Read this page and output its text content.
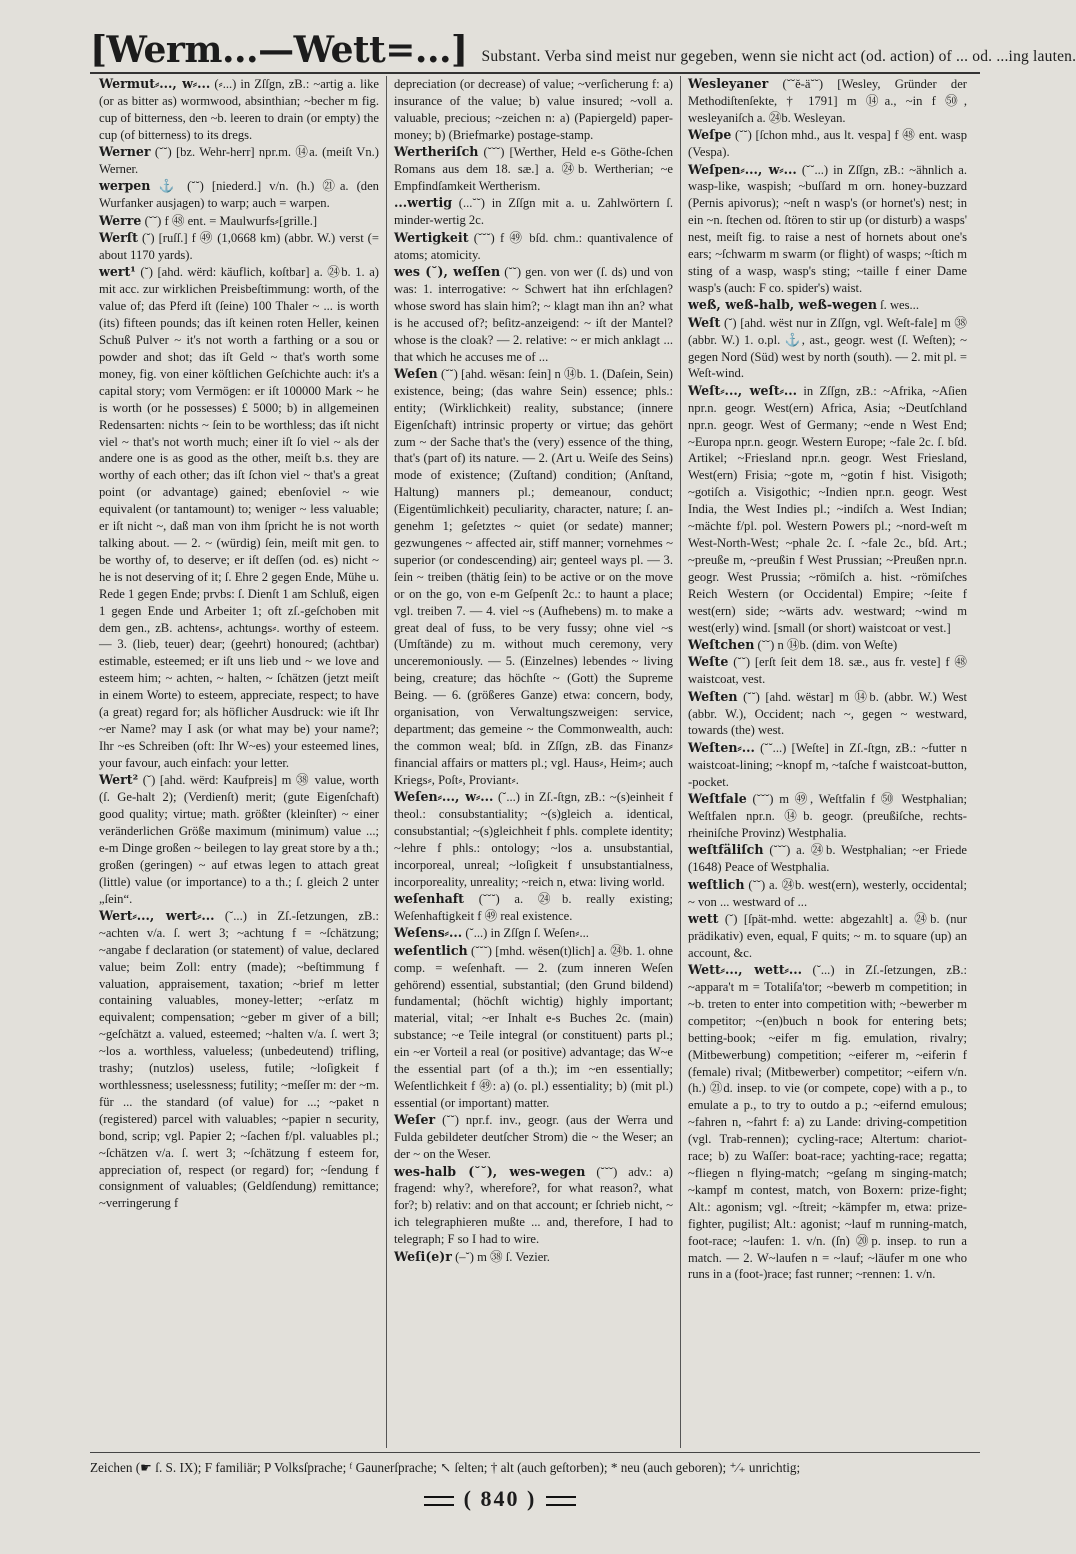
[Werm...—Wett=...] Substant. Verba sind meist nur gegeben, wenn sie nicht act (od. action) of ... od. ...ing lauten.

Wermut⸗..., w⸗... (⸗...) in Zſſgn, zB.: ~artig a. like (or as bitter as) wormwood, absinthian; ~becher m fig. cup of bitterness, den ~b. leeren to drain (or empty) the cup (of bitterness) to its dregs.

Werner (˘˘) [bz. Wehr-herr] npr.m. ⑭a. (meiſt Vn.) Werner.

werpen ⚓ (˘˘) [niederd.] v/n. (h.) ㉑a. (den Wurfanker ausjagen) to warp; auch = warpen.

Werre (˘˘) f ㊽ ent. = Maulwurfs⸗[grille.]

Werſt (˘) [ruſſ.] f ㊾ (1,0668 km) (abbr. W.) verst (= about 1170 yards).

wert¹ (˘) [ahd. wërd: käuflich, koſtbar] a. ㉔b. 1. a) mit acc. zur wirklichen Preisbeſtimmung: worth, of the value of; das Pferd iſt (ſeine) 100 Thaler ~ ... is worth (its) fifteen pounds; das iſt keinen roten Heller, keinen Schuß Pulver ~ it's not worth a farthing or a sou or powder and shot; das iſt Geld ~ that's worth some money, fig. von einer köſtlichen Geſchichte auch: it's a capital story; vom Vermögen: er iſt 100000 Mark ~ he is worth (or he possesses) £ 5000; b) in allgemeinen Redensarten: nichts ~ ſein to be worthless; das iſt nicht viel ~ that's not worth much; einer iſt ſo viel ~ als der andere one is as good as the other, meiſt b.s. they are worthy of each other; das iſt ſchon viel ~ that's a great point (or advantage) gained; ebenſoviel ~ wie equivalent (or tantamount) to; weniger ~ less valuable; er iſt nicht ~, daß man von ihm ſpricht he is not worth talking about. — 2. ~ (würdig) ſein, meiſt mit gen. to be worthy of, to deserve; er iſt deſſen (od. es) nicht ~ he is not deserving of it; ſ. Ehre 2 gegen Ende, Mühe u. Rede 1 gegen Ende; prvbs: ſ. Dienſt 1 am Schluß, eigen 1 gegen Ende und Arbeiter 1; oft zſ.-geſchoben mit dem gen., zB. achtens⸗, achtungs⸗. worthy of esteem. — 3. (lieb, teuer) dear; (geehrt) honoured; (achtbar) estimable, esteemed; er iſt uns lieb und ~ we love and esteem him; ~ achten, ~ halten, ~ ſchätzen (jetzt meiſt in einem Worte) to esteem, appreciate, respect; to have (a great) regard for; als höflicher Ausdruck: wie iſt Ihr ~er Name? may I ask (or what may be) your name?; Ihr ~es Schreiben (oft: Ihr W~es) your esteemed lines, your favour, auch einfach: your letter.

Wert² (˘) [ahd. wërd: Kaufpreis] m ㊳ value, worth (ſ. Ge-halt 2); (Verdienſt) merit; (gute Eigenſchaft) good quality; virtue; math. größter (kleinſter) ~ einer veränderlichen Größe maximum (minimum) value ...; e-m Dinge großen ~ beilegen to lay great store by a th.; großen (geringen) ~ auf etwas legen to attach great (little) value (or importance) to a th.; ſ. gleich 2 unter „ſein“.

Wert⸗..., wert⸗... (˘...) in Zſ.-ſetzungen, zB.: ~achten v/a. ſ. wert 3; ~achtung f = ~ſchätzung; ~angabe f declaration (or statement) of value, declared value; beim Zoll: entry (made); ~beſtimmung f valuation, appraisement, taxation; ~brief m letter containing valuables, money-letter; ~erſatz m equivalent; compensation; ~geber m giver of a bill; ~geſchätzt a. valued, esteemed; ~halten v/a. ſ. wert 3; ~los a. worthless, valueless; (unbedeutend) trifling, trashy; (nutzlos) useless, futile; ~loſigkeit f worthlessness; uselessness; futility; ~meſſer m: der ~m. für ... the standard (of value) for ...; ~paket n (registered) parcel with valuables; ~papier n security, bond, scrip; vgl. Papier 2; ~ſachen f/pl. valuables pl.; ~ſchätzen v/a. ſ. wert 3; ~ſchätzung f esteem for, appreciation of, respect (or regard) for; ~ſendung f consignment of valuables; (Geldſendung) remittance; ~verringerung f

depreciation (or decrease) of value; ~verſicherung f: a) insurance of the value; b) value insured; ~voll a. valuable, precious; ~zeichen n: a) (Papiergeld) paper-money; b) (Briefmarke) postage-stamp.

Wertheriſch (˘˘˘) [Werther, Held e-s Göthe-ſchen Romans aus dem 18. sæ.] a. ㉔b. Wertherian; ~e Empfindſamkeit Wertherism.

...wertig (...˘˘) in Zſſgn mit a. u. Zahlwörtern ſ. minder-wertig 2c.

Wertigkeit (˘˘˘) f ㊾ bſd. chm.: quantivalence of atoms; atomicity.

wes (˘), weſſen (˘˘) gen. von wer (ſ. ds) und von was: 1. interrogative: ~ Schwert hat ihn erſchlagen? whose sword has slain him?; ~ klagt man ihn an? what is he accused of?; beſitz-anzeigend: ~ iſt der Mantel? whose is the cloak? — 2. relative: ~ er mich anklagt ... that which he accuses me of ...

Weſen (˘˘) [ahd. wësan: ſein] n ⑭b. 1. (Daſein, Sein) existence, being; (das wahre Sein) essence; phls.: entity; (Wirklichkeit) reality, substance; (innere Eigenſchaft) intrinsic property or virtue; das gehört zum ~ der Sache that's the (very) essence of the thing, that's (part of) its nature. — 2. (Art u. Weiſe des Seins) mode of existence; (Zuſtand) condition; (Anſtand, Haltung) manners pl.; demeanour, conduct; (Eigentümlichkeit) peculiarity, character, nature; ſ. an-genehm 1; geſetztes ~ quiet (or sedate) manner; gezwungenes ~ affected air, stiff manner; vornehmes ~ superior (or condescending) air; genteel ways pl. — 3. ſein ~ treiben (thätig ſein) to be active or on the move or on the go, von e-m Geſpenſt 2c.: to haunt a place; vgl. treiben 7. — 4. viel ~s (Aufhebens) m. to make a great deal of fuss, to be very fussy; ohne viel ~s (Umſtände) zu m. without much ceremony, very unceremoniously. — 5. (Einzelnes) lebendes ~ living being, creature; das höchſte ~ (Gott) the Supreme Being. — 6. (größeres Ganze) etwa: concern, body, organisation, von Verwaltungszweigen: service, department; das gemeine ~ the Commonwealth, auch: the common weal; bſd. in Zſſgn, zB. das Finanz⸗ financial affairs or matters pl.; vgl. Haus⸗, Heim⸗; auch Kriegs⸗, Poſt⸗, Proviant⸗.

Weſen⸗..., w⸗... (˘...) in Zſ.-ſtgn, zB.: ~(s)einheit f theol.: consubstantiality; ~(s)gleich a. identical, consubstantial; ~(s)gleichheit f phls. complete identity; ~lehre f phls.: ontology; ~los a. unsubstantial, incorporeal, unreal; ~loſigkeit f unsubstantialness, incorporeality, unreality; ~reich n, etwa: living world.

weſenhaft (˘˘˘) a. ㉔b. really existing; Weſenhaftigkeit f ㊾ real existence.

Weſens⸗... (˘...) in Zſſgn ſ. Weſen⸗...

weſentlich (˘˘˘) [mhd. wësen(t)lich] a. ㉔b. 1. ohne comp. = weſenhaft. — 2. (zum inneren Weſen gehörend) essential, substantial; (den Grund bildend) fundamental; (höchſt wichtig) highly important; material, vital; ~er Inhalt e-s Buches 2c. (main) substance; ~e Teile integral (or constituent) parts pl.; ein ~er Vorteil a real (or positive) advantage; das W~e the essential part (of a th.); im ~en essentially; Weſentlichkeit f ㊾: a) (o. pl.) essentiality; b) (mit pl.) essential (or important) matter.

Weſer (˘˘) npr.f. inv., geogr. (aus der Werra und Fulda gebildeter deutſcher Strom) die ~ the Weser; an der ~ on the Weser.

wes-halb (˘˘), wes-wegen (˘˘˘) adv.: a) fragend: why?, wherefore?, for what reason?, what for?; b) relativ: and on that account; er ſchrieb nicht, ~ ich telegraphieren mußte ... and, therefore, I had to telegraph; F so I had to wire.

Weſi(e)r (–˘) m ㊳ ſ. Vezier.

Wesleyaner (˘˘ĕ-ä˘˘) [Wesley, Gründer der Methodiſtenſekte, † 1791] m ⑭a., ~in f ㊿, wesleyaniſch a. ㉔b. Wesleyan.

Weſpe (˘˘) [ſchon mhd., aus lt. vespa] f ㊽ ent. wasp (Vespa).

Weſpen⸗..., w⸗... (˘˘...) in Zſſgn, zB.: ~ähnlich a. wasp-like, waspish; ~buſſard m orn. honey-buzzard (Pernis apivorus); ~neſt n wasp's (or hornet's) nest; in ein ~n. ſtechen od. ſtören to stir up (or disturb) a wasps' nest, meiſt fig. to raise a nest of hornets about one's ears; ~ſchwarm m swarm (or flight) of wasps; ~ſtich m sting of a wasp, wasp's sting; ~taille f einer Dame wasp's (auch: F co. spider's) waist.

weß, weß-halb, weß-wegen ſ. wes...

Weſt (˘) [ahd. wëst nur in Zſſgn, vgl. Weſt-fale] m ㊳ (abbr. W.) 1. o.pl. ⚓, ast., geogr. west (ſ. Weſten); ~ gegen Nord (Süd) west by north (south). — 2. mit pl. = Weſt-wind.

Weſt⸗..., weſt⸗... in Zſſgn, zB.: ~Afrika, ~Aſien npr.n. geogr. West(ern) Africa, Asia; ~Deutſchland npr.n. geogr. West of Germany; ~ende n West End; ~Europa npr.n. geogr. Western Europe; ~fale 2c. ſ. bſd. Artikel; ~Friesland npr.n. geogr. West Friesland, West(ern) Frisia; ~gote m, ~gotin f hist. Visigoth; ~gotiſch a. Visigothic; ~Indien npr.n. geogr. West India, the West Indies pl.; ~indiſch a. West Indian; ~mächte f/pl. pol. Western Powers pl.; ~nord-weſt m West-North-West; ~phale 2c. ſ. ~fale 2c., bſd. Art.; ~preuße m, ~preußin f West Prussian; ~Preußen npr.n. geogr. West Prussia; ~römiſch a. hist. ~römiſches Reich Western (or Occidental) Empire; ~ſeite f west(ern) side; ~wärts adv. westward; ~wind m west(erly) wind. [small (or short) waistcoat or vest.]

Weſtchen (˘˘) n ⑭b. (dim. von Weſte)

Weſte (˘˘) [erſt ſeit dem 18. sæ., aus fr. veste] f ㊽ waistcoat, vest.

Weſten (˘˘) [ahd. wëstar] m ⑭b. (abbr. W.) West (abbr. W.), Occident; nach ~, gegen ~ westward, towards (the) west.

Weſten⸗... (˘˘...) [Weſte] in Zſ.-ſtgn, zB.: ~futter n waistcoat-lining; ~knopf m, ~taſche f waistcoat-button, -pocket.

Weſtfale (˘˘˘) m ㊾, Weſtfalin f ㊿ Westphalian; Weſtfalen npr.n. ⑭b. geogr. (preußiſche, rechts-rheiniſche Provinz) Westphalia.

weſtfäliſch (˘˘˘) a. ㉔b. Westphalian; ~er Friede (1648) Peace of Westphalia.

weſtlich (˘˘) a. ㉔b. west(ern), westerly, occidental; ~ von ... westward of ...

wett (˘) [ſpät-mhd. wette: abgezahlt] a. ㉔b. (nur prädikativ) even, equal, F quits; ~ m. to square (up) an account, &c.

Wett⸗..., wett⸗... (˘...) in Zſ.-ſetzungen, zB.: ~appara't m = Totaliſa'tor; ~bewerb m competition; in ~b. treten to enter into competition with; ~bewerber m competitor; ~(en)buch n book for entering bets; betting-book; ~eifer m fig. emulation, rivalry; (Mitbewerbung) competition; ~eiferer m, ~eiferin f (female) rival; (Mitbewerber) competitor; ~eifern v/n. (h.) ㉑d. insep. to vie (or compete, cope) with a p., to emulate a p., to try to outdo a p.; ~eifernd emulous; ~fahren n, ~fahrt f: a) zu Lande: driving-competition (vgl. Trab-rennen); cycling-race; Altertum: chariot-race; b) zu Waſſer: boat-race; yachting-race; regatta; ~fliegen n flying-match; ~geſang m singing-match; ~kampf m contest, match, von Boxern: prize-fight; Alt.: agonism; vgl. ~ſtreit; ~kämpfer m, etwa: prize-fighter, pugilist; Alt.: agonist; ~lauf m running-match, foot-race; ~laufen: 1. v/n. (ſn) ⑳p. insep. to run a match. — 2. W~laufen n = ~lauf; ~läufer m one who runs in a (foot-)race; fast runner; ~rennen: 1. v/n.

Zeichen (☛ ſ. S. IX); F familiär; P Volksſprache; ᶠ Gaunerſprache; ↖ ſelten; † alt (auch geſtorben); * neu (auch geboren); ⁺⁄₊ unrichtig;
( 840 )
